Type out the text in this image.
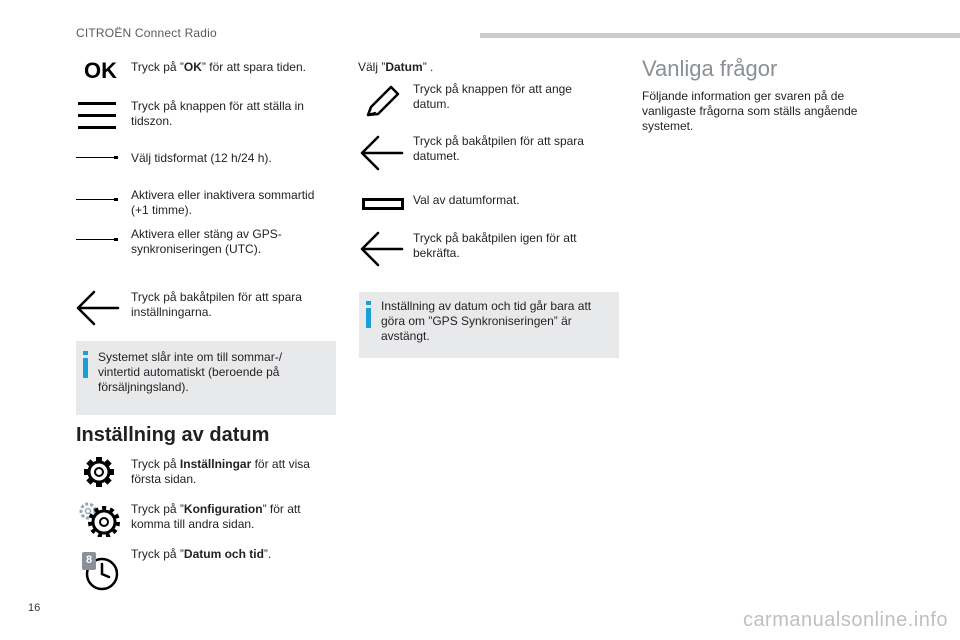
CITROËN Connect Radio
OK Tryck på ”OK” för att spara tiden.
Tryck på knappen för att ställa in tidszon.
Välj tidsformat (12 h/24 h).
Aktivera eller inaktivera sommartid (+1 timme).
Aktivera eller stäng av GPS-synkroniseringen (UTC).
Tryck på bakåtpilen för att spara inställningarna.
Systemet slår inte om till sommar-/ vintertid automatiskt (beroende på försäljningsland).
Inställning av datum
Tryck på Inställningar för att visa första sidan.
Tryck på ”Konfiguration” för att komma till andra sidan.
8	Tryck på ”Datum och tid”.
Välj ”Datum” .
Tryck på knappen för att ange datum.
Tryck på bakåtpilen för att spara datumet.
Val av datumformat.
Tryck på bakåtpilen igen för att bekräfta.
Inställning av datum och tid går bara att göra om ”GPS Synkroniseringen” är avstängt.
Vanliga frågor
Följande information ger svaren på de vanligaste frågorna som ställs angående systemet.
16
carmanualsonline.info
